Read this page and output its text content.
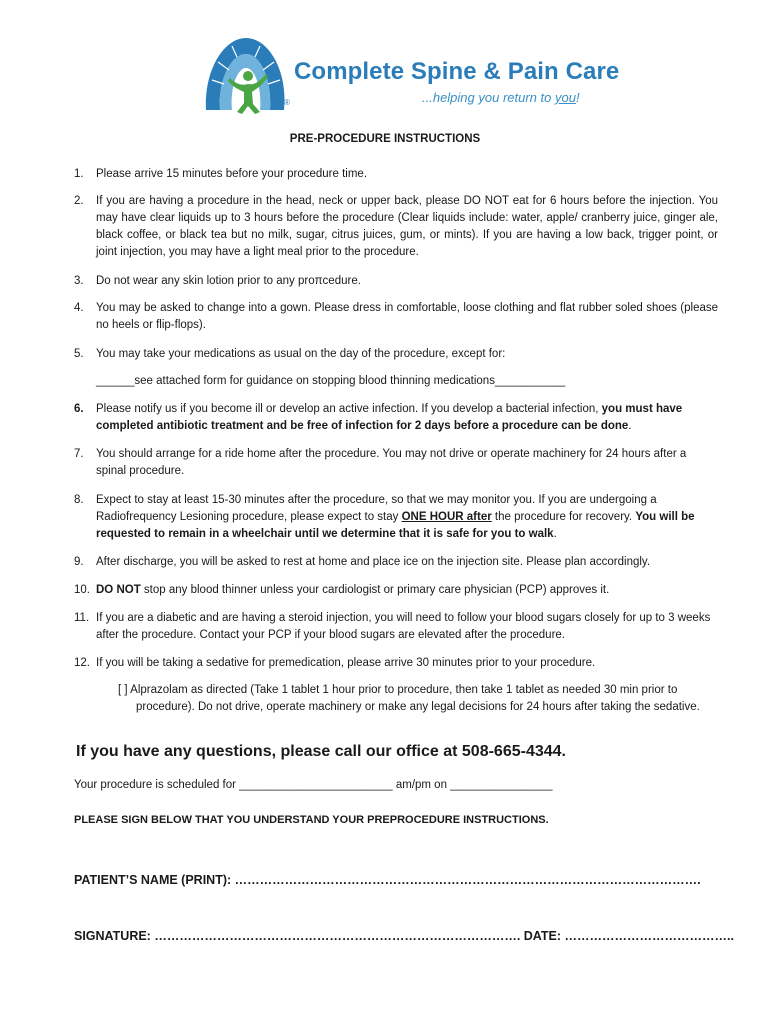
®
Complete Spine & Pain Care
...helping you return to you!
PRE-PROCEDURE INSTRUCTIONS
1.	Please arrive 15 minutes before your procedure time.
2.	If you are having a procedure in the head, neck or upper back, please DO NOT eat for 6 hours before the injection. You may have clear liquids up to 3 hours before the procedure (Clear liquids include: water, apple/ cranberry juice, ginger ale, black coffee, or black tea but no milk, sugar, citrus juices, gum, or mints). If you are having a low back, trigger point, or joint injection, you may have a light meal prior to the procedure.
3.	Do not wear any skin lotion prior to any proπcedure.
4.	You may be asked to change into a gown. Please dress in comfortable, loose clothing and flat rubber soled shoes (please no heels or flip-flops).
5.	You may take your medications as usual on the day of the procedure, except for:
______see attached form for guidance on stopping blood thinning medications___________
6.	Please notify us if you become ill or develop an active infection. If you develop a bacterial infection, you must have completed antibiotic treatment and be free of infection for 2 days before a procedure can be done.
7.	You should arrange for a ride home after the procedure. You may not drive or operate machinery for 24 hours after a spinal procedure.
8.	Expect to stay at least 15-30 minutes after the procedure, so that we may monitor you. If you are undergoing a Radiofrequency Lesioning procedure, please expect to stay ONE HOUR after the procedure for recovery. You will be requested to remain in a wheelchair until we determine that it is safe for you to walk.
9.	After discharge, you will be asked to rest at home and place ice on the injection site. Please plan accordingly.
10. DO NOT stop any blood thinner unless your cardiologist or primary care physician (PCP) approves it.
11. If you are a diabetic and are having a steroid injection, you will need to follow your blood sugars closely for up to 3 weeks after the procedure. Contact your PCP if your blood sugars are elevated after the procedure.
12. If you will be taking a sedative for premedication, please arrive 30 minutes prior to your procedure.
[ ] Alprazolam as directed (Take 1 tablet 1 hour prior to procedure, then take 1 tablet as needed 30 min prior to procedure). Do not drive, operate machinery or make any legal decisions for 24 hours after taking the sedative.
If you have any questions, please call our office at 508-665-4344.
Your procedure is scheduled for ________________________ am/pm on ________________
PLEASE SIGN BELOW THAT YOU UNDERSTAND YOUR PREPROCEDURE INSTRUCTIONS.
PATIENT’S NAME (PRINT): ………………………………………………………………………………………………….
SIGNATURE: ……………………………………………………………………………. DATE: …………………………………..
